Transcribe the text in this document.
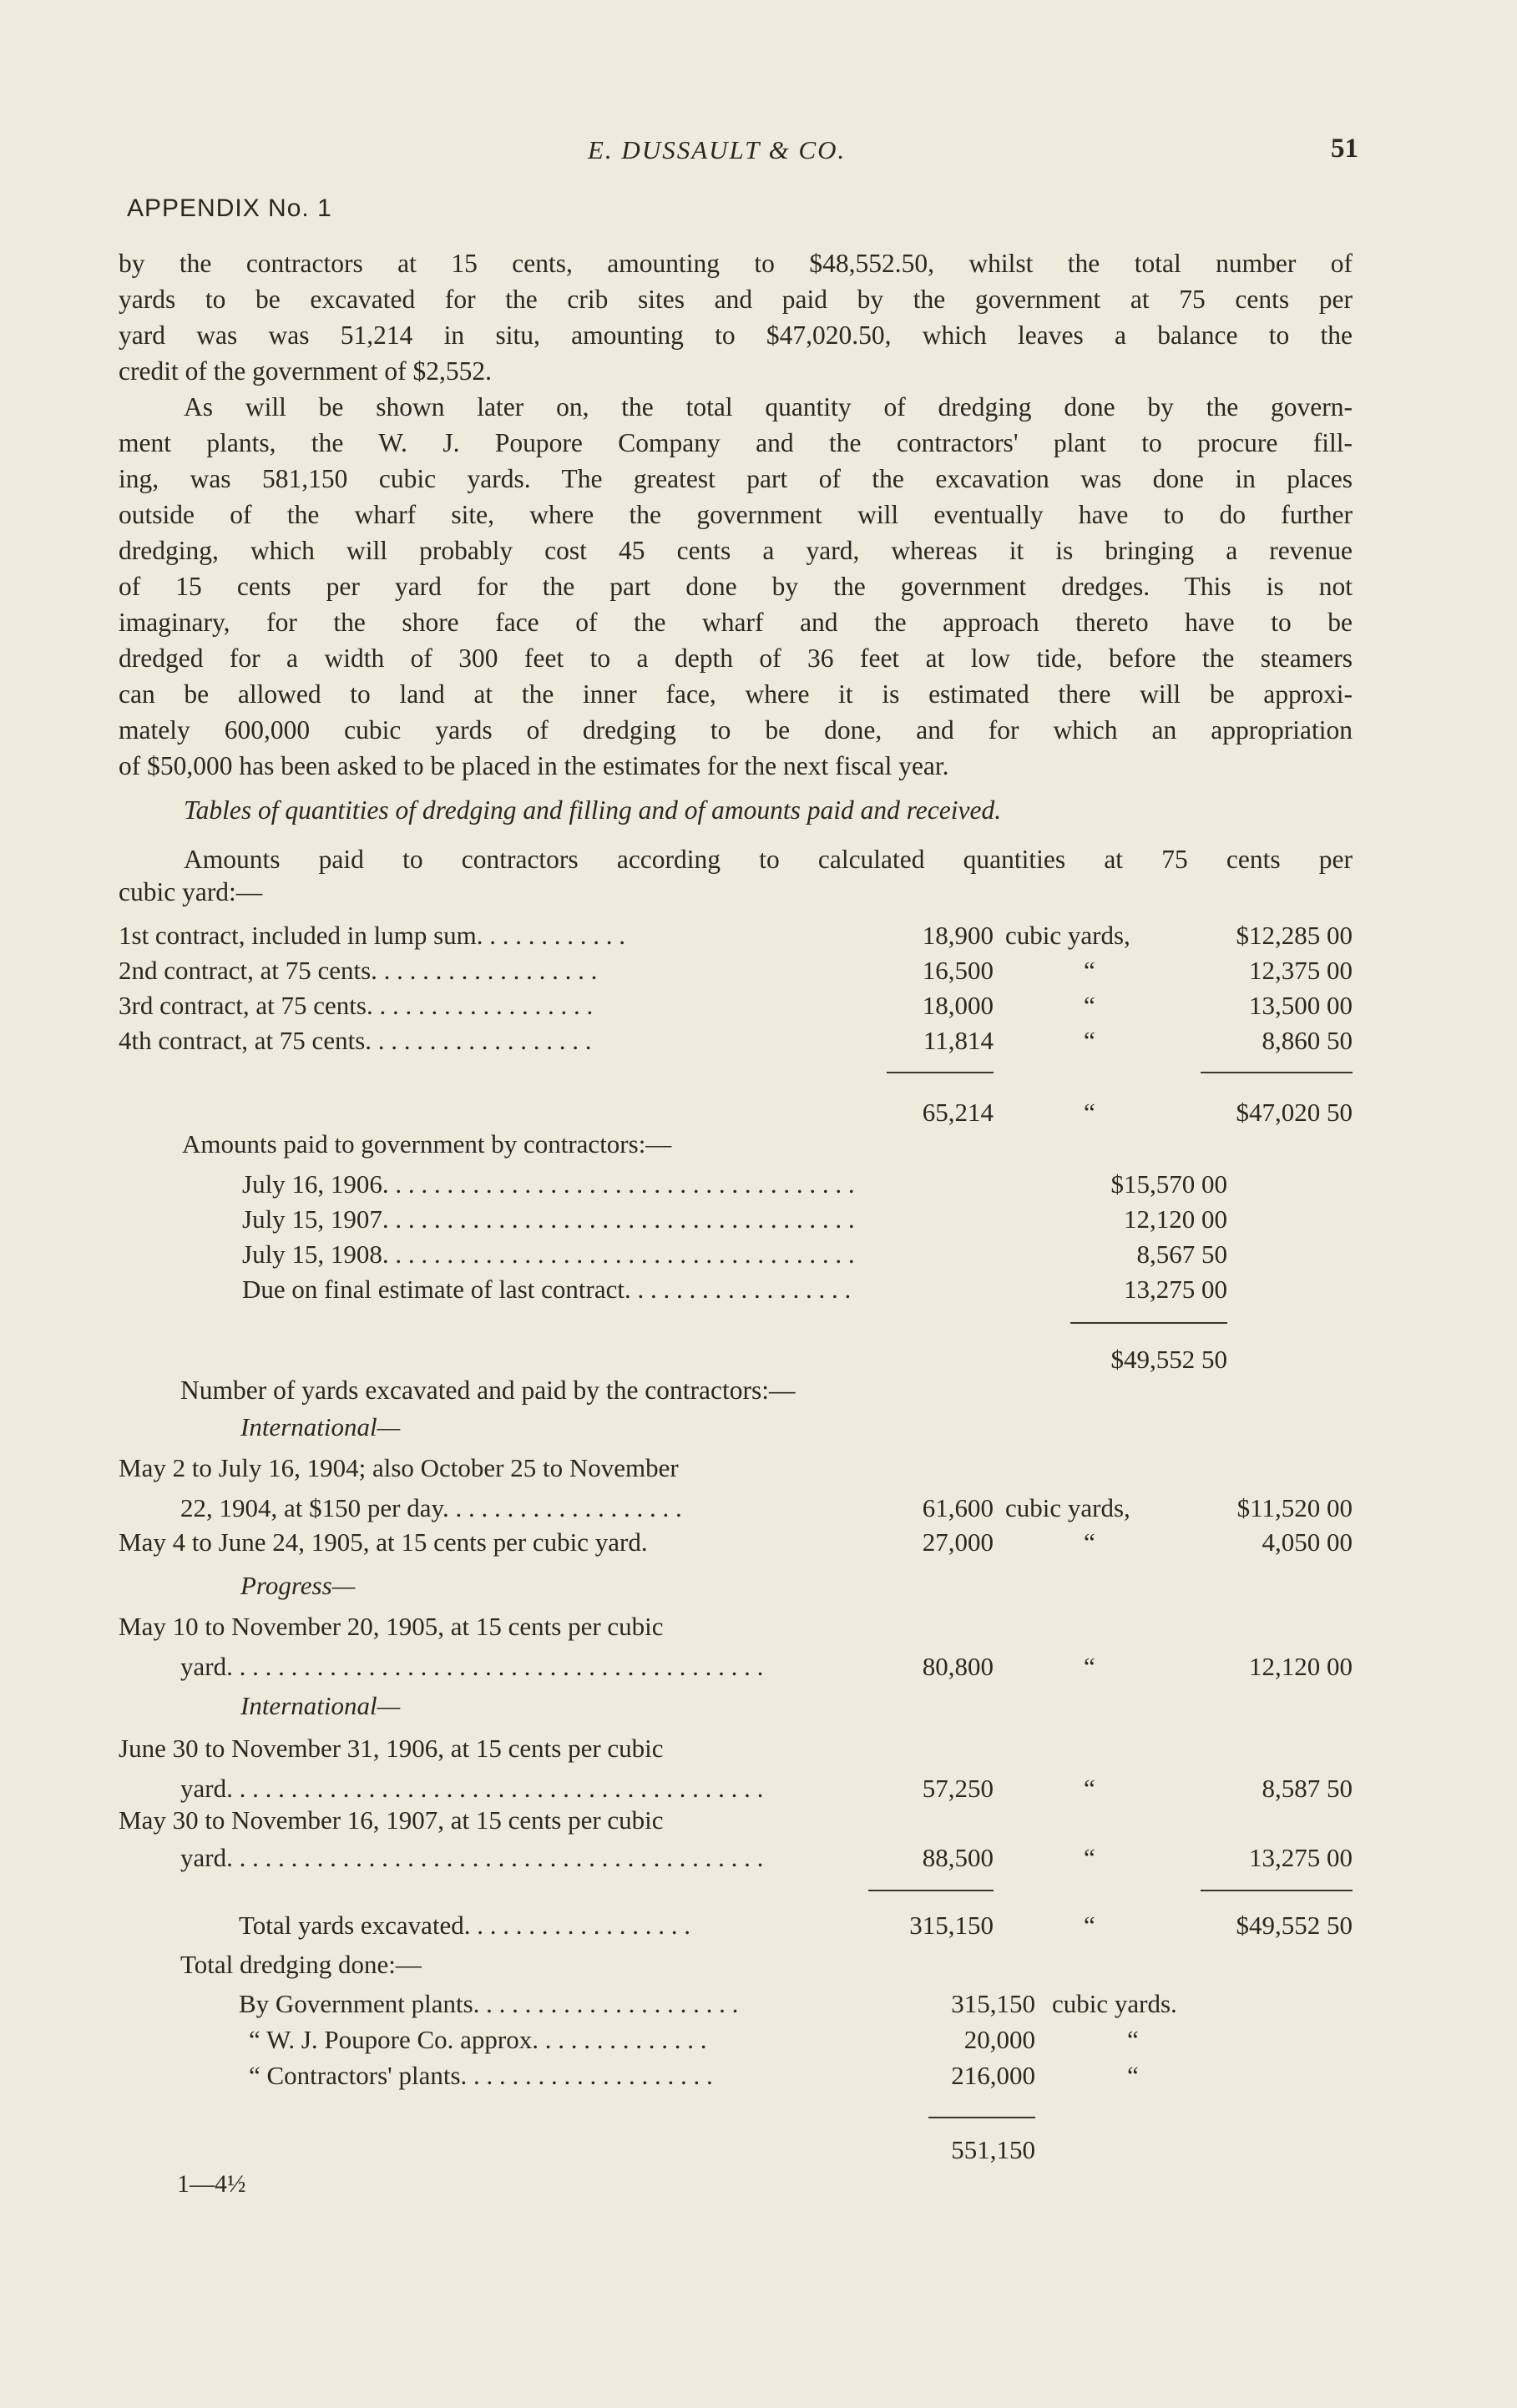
E. DUSSAULT & CO.	51
APPENDIX No. 1
by the contractors at 15 cents, amounting to $48,552.50, whilst the total number of
yards to be excavated for the crib sites and paid by the government at 75 cents per
yard was was 51,214 in situ, amounting to $47,020.50, which leaves a balance to the
credit of the government of $2,552.
As will be shown later on, the total quantity of dredging done by the govern-
ment plants, the W. J. Poupore Company and the contractors' plant to procure fill-
ing, was 581,150 cubic yards. The greatest part of the excavation was done in places
outside of the wharf site, where the government will eventually have to do further
dredging, which will probably cost 45 cents a yard, whereas it is bringing a revenue
of 15 cents per yard for the part done by the government dredges. This is not
imaginary, for the shore face of the wharf and the approach thereto have to be
dredged for a width of 300 feet to a depth of 36 feet at low tide, before the steamers
can be allowed to land at the inner face, where it is estimated there will be approxi-
mately 600,000 cubic yards of dredging to be done, and for which an appropriation
of $50,000 has been asked to be placed in the estimates for the next fiscal year.
Tables of quantities of dredging and filling and of amounts paid and received.
Amounts paid to contractors according to calculated quantities at 75 cents per
cubic yard:—
1st contract, included in lump sum. . . . . . . . . . . .	18,900 cubic yards,	$12,285 00
2nd contract, at 75 cents. . . . . . . . . . . . . . . . . .	16,500	“	12,375 00
3rd contract, at 75 cents. . . . . . . . . . . . . . . . . .	18,000	“	13,500 00
4th contract, at 75 cents. . . . . . . . . . . . . . . . . .	11,814	“	8,860 50
65,214	“	$47,020 50
Amounts paid to government by contractors:—
July 16, 1906. . . . . . . . . . . . . . . . . . . . . . . . . . . . . . . . . . . . .	$15,570 00
July 15, 1907. . . . . . . . . . . . . . . . . . . . . . . . . . . . . . . . . . . . .	12,120 00
July 15, 1908. . . . . . . . . . . . . . . . . . . . . . . . . . . . . . . . . . . . .	8,567 50
Due on final estimate of last contract. . . . . . . . . . . . . . . . . .	13,275 00
$49,552 50
Number of yards excavated and paid by the contractors:—
International—
May 2 to July 16, 1904; also October 25 to November
22, 1904, at $150 per day. . . . . . . . . . . . . . . . . . .	61,600 cubic yards,	$11,520 00
May 4 to June 24, 1905, at 15 cents per cubic yard.	27,000	“	4,050 00
Progress—
May 10 to November 20, 1905, at 15 cents per cubic
yard. . . . . . . . . . . . . . . . . . . . . . . . . . . . . . . . . . . . . . . . . .	80,800	“	12,120 00
International—
June 30 to November 31, 1906, at 15 cents per cubic
yard. . . . . . . . . . . . . . . . . . . . . . . . . . . . . . . . . . . . . . . . . .	57,250	“	8,587 50
May 30 to November 16, 1907, at 15 cents per cubic
yard. . . . . . . . . . . . . . . . . . . . . . . . . . . . . . . . . . . . . . . . . .	88,500	“	13,275 00
Total yards excavated. . . . . . . . . . . . . . . . . .	315,150	“	$49,552 50
Total dredging done:—
By Government plants. . . . . . . . . . . . . . . . . . . . .	315,150 cubic yards.
“ W. J. Poupore Co. approx. . . . . . . . . . . . . .	20,000	“
“ Contractors' plants. . . . . . . . . . . . . . . . . . . .	216,000	“
551,150
1—4½
